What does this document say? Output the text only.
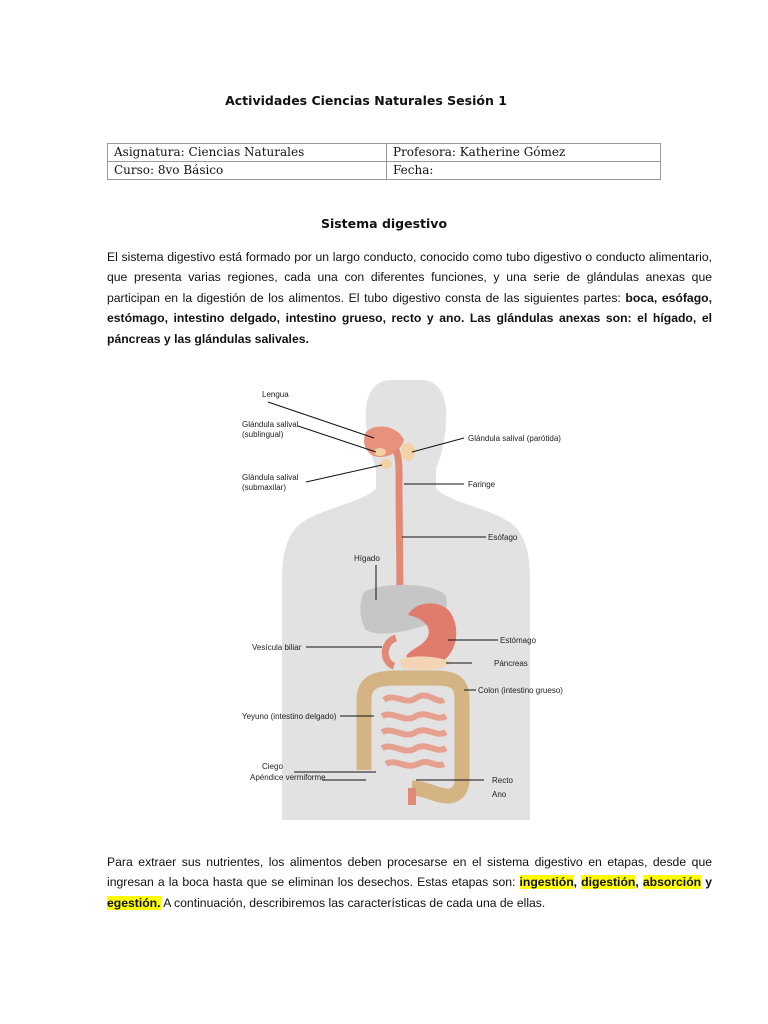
Actividades Ciencias Naturales Sesión 1
Asignatura: Ciencias Naturales	Profesora: Katherine Gómez
Curso: 8vo Básico	Fecha:
Sistema digestivo
El sistema digestivo está formado por un largo conducto, conocido como tubo digestivo o conducto alimentario, que presenta varias regiones, cada una con diferentes funciones, y una serie de glándulas anexas que participan en la digestión de los alimentos. El tubo digestivo consta de las siguientes partes: boca, esófago, estómago, intestino delgado, intestino grueso, recto y ano. Las glándulas anexas son: el hígado, el páncreas y las glándulas salivales.
Lengua
Glándula salival
(sublingual)	Glándula salival (parótida)
Glándula salival
(submaxilar)	Faringe
Esófago
Hígado
Estómago
Vesícula biliar
Páncreas
Colon (intestino grueso)
Yeyuno (intestino delgado)
Ciego
Apéndice vermiforme	Recto
Ano
Para extraer sus nutrientes, los alimentos deben procesarse en el sistema digestivo en etapas, desde que ingresan a la boca hasta que se eliminan los desechos. Estas etapas son: ingestión, digestión, absorción y egestión. A continuación, describiremos las características de cada una de ellas.
